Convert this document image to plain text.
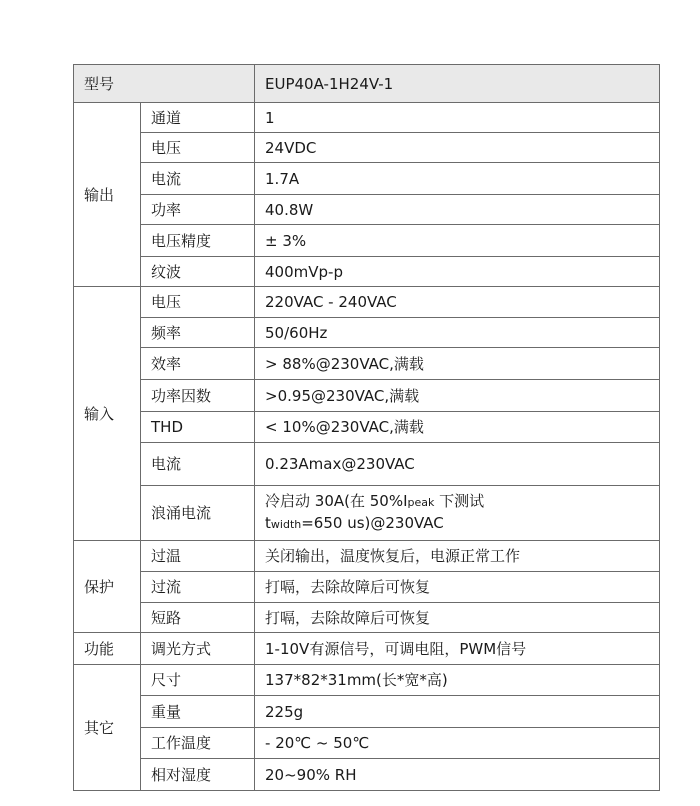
型号		EUP40A-1H24V-1
输出	通道	1
	电压	24VDC
	电流	1.7A
	功率	40.8W
	电压精度	± 3%
	纹波	400mVp-p
输入	电压	220VAC - 240VAC
	频率	50/60Hz
	效率	> 88%@230VAC,满载
	功率因数	>0.95@230VAC,满载
	THD	< 10%@230VAC,满载
	电流	0.23Amax@230VAC
	浪涌电流	冷启动 30A(在 50%Ipeak 下测试
twidth=650 us)@230VAC

保护	过温	关闭输出，温度恢复后，电源正常工作
	过流	打嗝，去除故障后可恢复
	短路	打嗝，去除故障后可恢复
功能	调光方式	1-10V有源信号，可调电阻，PWM信号
其它	尺寸	137*82*31mm(长*宽*高)
	重量	225g
	工作温度	- 20℃ ~ 50℃
	相对湿度	20~90% RH
